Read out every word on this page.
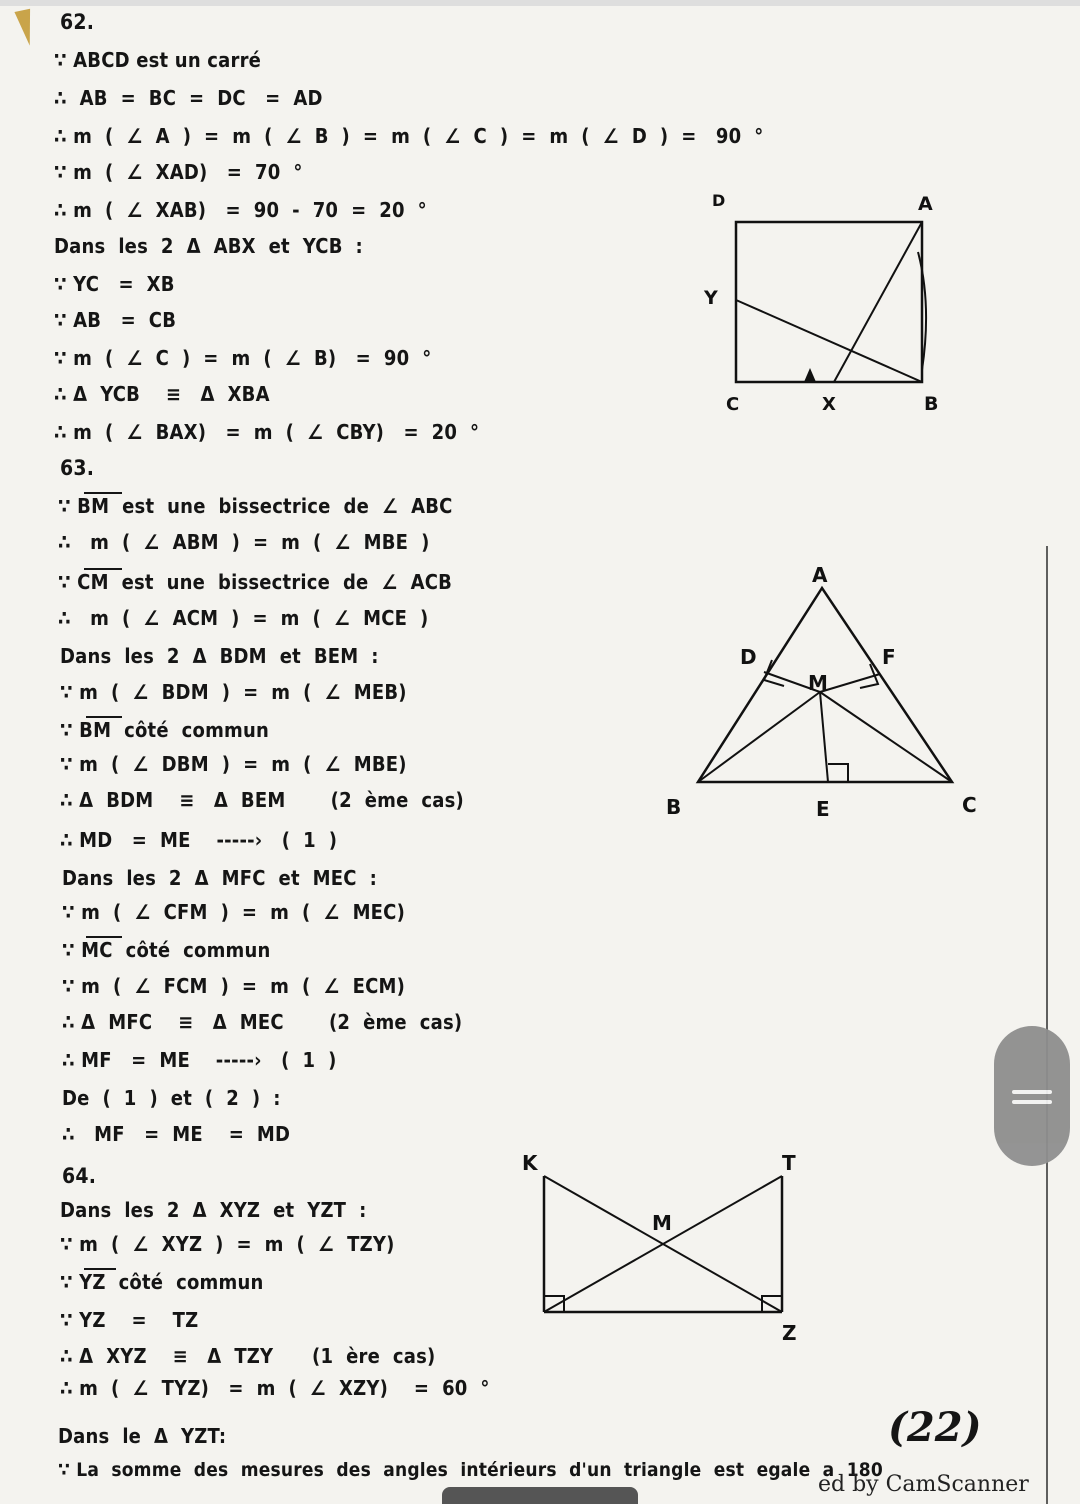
62.
∵ ABCD est un carré
∴  AB  =  BC  =  DC   =  AD
∴ m  (  ∠  A  )  =  m  (  ∠  B  )  =  m  (  ∠  C  )  =  m  (  ∠  D  )  =   90  °
∵ m  (  ∠  XAD)   =  70  °
∴ m  (  ∠  XAB)   =  90  -  70  =  20  °
Dans  les  2  Δ  ABX  et  YCB  :
∵ YC   =  XB
∵ AB   =  CB
∵ m  (  ∠  C  )  =  m  (  ∠  B)   =  90  °
∴ Δ  YCB    ≡   Δ  XBA
∴ m  (  ∠  BAX)   =  m  (  ∠  CBY)   =  20  °
63.
∵ BM  est  une  bissectrice  de  ∠  ABC
∴   m  (  ∠  ABM  )  =  m  (  ∠  MBE  )
∵ CM  est  une  bissectrice  de  ∠  ACB
∴   m  (  ∠  ACM  )  =  m  (  ∠  MCE  )
Dans  les  2  Δ  BDM  et  BEM  :
∵ m  (  ∠  BDM  )  =  m  (  ∠  MEB)
∵ BM  côté  commun
∵ m  (  ∠  DBM  )  =  m  (  ∠  MBE)
∴ Δ  BDM    ≡   Δ  BEM       (2  ème  cas)
∴ MD   =  ME    -----›   (  1  )
Dans  les  2  Δ  MFC  et  MEC  :
∵ m  (  ∠  CFM  )  =  m  (  ∠  MEC)
∵ MC  côté  commun
∵ m  (  ∠  FCM  )  =  m  (  ∠  ECM)
∴ Δ  MFC    ≡   Δ  MEC       (2  ème  cas)
∴ MF   =  ME    -----›   (  1  )
De  (  1  )  et  (  2  )  :
∴   MF   =  ME    =  MD
64.
Dans  les  2  Δ  XYZ  et  YZT  :
∵ m  (  ∠  XYZ  )  =  m  (  ∠  TZY)
∵ YZ  côté  commun
∵ YZ    =    TZ
∴ Δ  XYZ    ≡   Δ  TZY      (1  ère  cas)
∴ m  (  ∠  TYZ)   =  m  (  ∠  XZY)    =  60  °
Dans  le  Δ  YZT:
∵ La  somme  des  mesures  des  angles  intérieurs  d'un  triangle  est  egale  a  180
D	A
Y
C	X	B
A
D	F
M
B	E	C
K	T
M
Z
(22)
ed by CamScanner
